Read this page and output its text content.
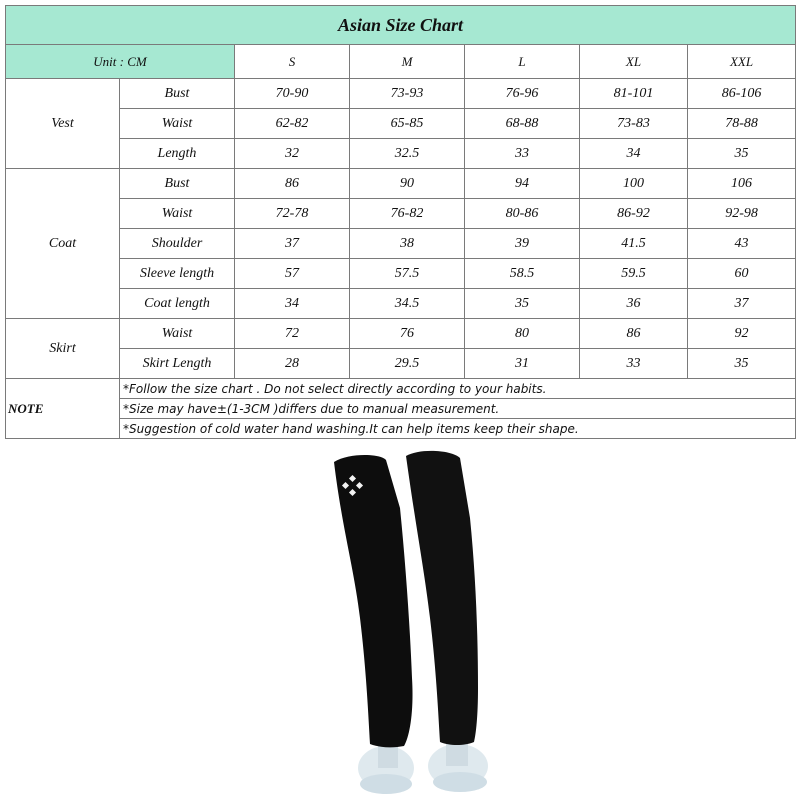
Asian Size Chart						
Unit : CM		S	M	L	XL	XXL
Vest	Bust	70-90	73-93	76-96	81-101	86-106
	Waist	62-82	65-85	68-88	73-83	78-88
	Length	32	32.5	33	34	35
Coat	Bust	86	90	94	100	106
	Waist	72-78	76-82	80-86	86-92	92-98
	Shoulder	37	38	39	41.5	43
	Sleeve length	57	57.5	58.5	59.5	60
	Coat length	34	34.5	35	36	37
Skirt	Waist	72	76	80	86	92
	Skirt Length	28	29.5	31	33	35
NOTE	*Follow the size chart . Do not select directly according to your habits.					
	*Size may have±(1-3CM )differs due to manual measurement.					
	*Suggestion of cold water hand washing.It can help items keep their shape.					
